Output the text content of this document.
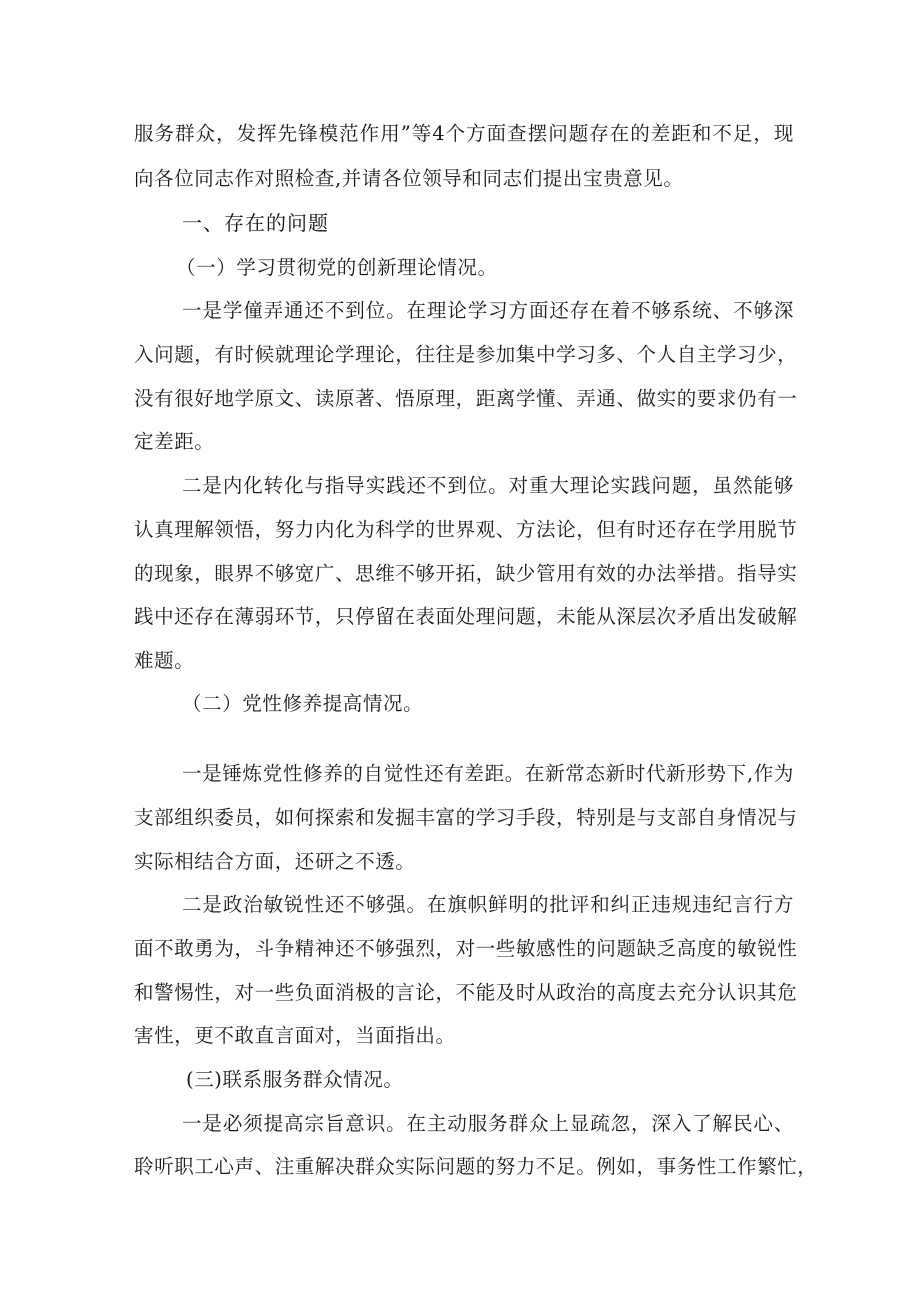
服务群众，发挥先锋模范作用”等4个方面查摆问题存在的差距和不足，现
向各位同志作对照检查,并请各位领导和同志们提出宝贵意见。
一、存在的问题
（一）学习贯彻党的创新理论情况。
一是学僮弄通还不到位。在理论学习方面还存在着不够系统、不够深
入问题，有时候就理论学理论，往往是参加集中学习多、个人自主学习少，
没有很好地学原文、读原著、悟原理，距离学懂、弄通、做实的要求仍有一
定差距。
二是内化转化与指导实践还不到位。对重大理论实践问题，虽然能够
认真理解领悟，努力内化为科学的世界观、方法论，但有时还存在学用脱节
的现象，眼界不够宽广、思维不够开拓，缺少管用有效的办法举措。指导实
践中还存在薄弱环节，只停留在表面处理问题，未能从深层次矛盾出发破解
难题。
（二）党性修养提高情况。
一是锤炼党性修养的自觉性还有差距。在新常态新时代新形势下,作为
支部组织委员，如何探索和发掘丰富的学习手段，特别是与支部自身情况与
实际相结合方面，还研之不透。
二是政治敏锐性还不够强。在旗帜鲜明的批评和纠正违规违纪言行方
面不敢勇为，斗争精神还不够强烈，对一些敏感性的问题缺乏高度的敏锐性
和警惕性，对一些负面消极的言论，不能及时从政治的高度去充分认识其危
害性，更不敢直言面对，当面指出。
(三)联系服务群众情况。
一是必须提高宗旨意识。在主动服务群众上显疏忽，深入了解民心、
聆听职工心声、注重解决群众实际问题的努力不足。例如，事务性工作繁忙，
